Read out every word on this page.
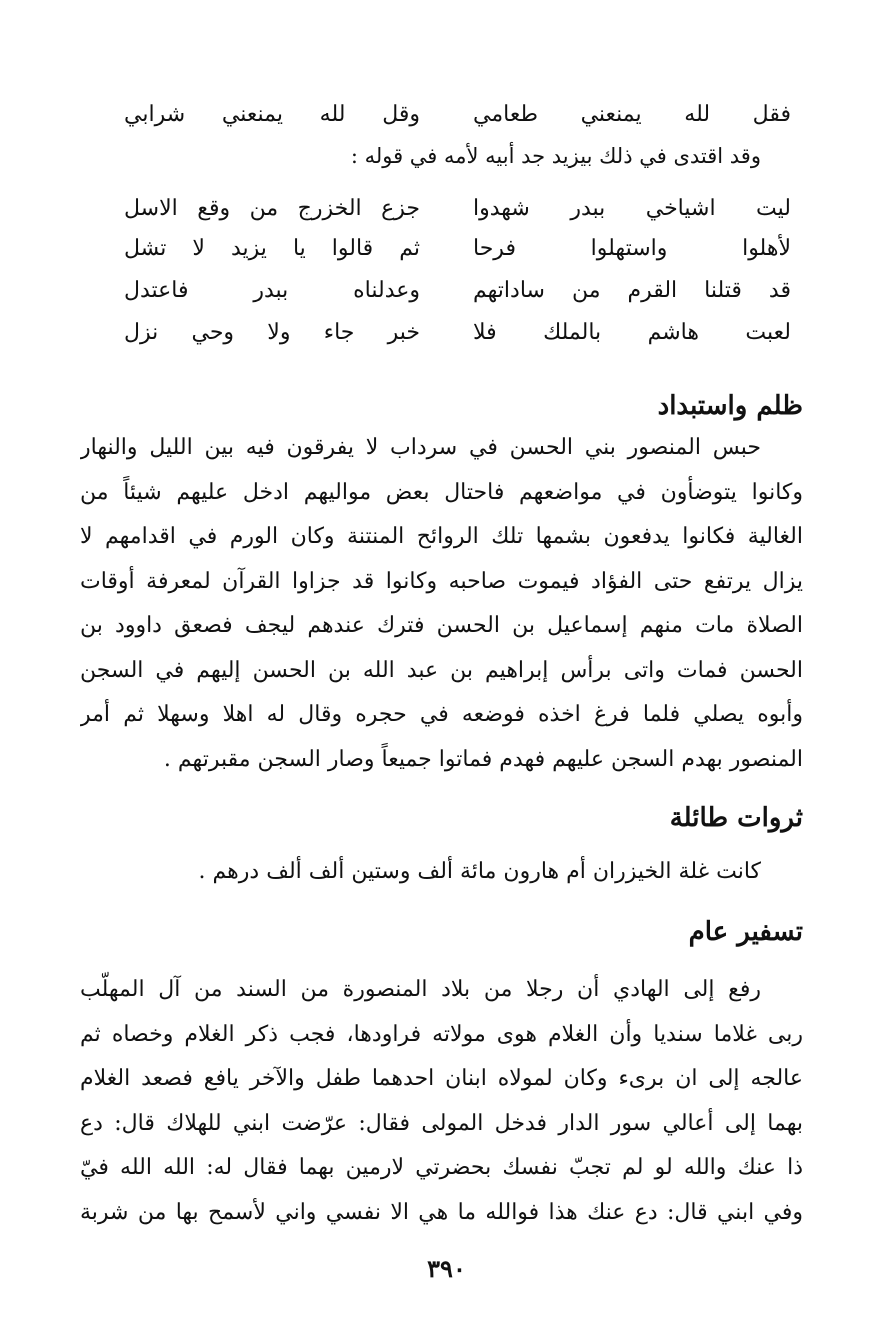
فقل لله يمنعني طعامي
وقل لله يمنعني شرابي
وقد اقتدى في ذلك بيزيد جد أبيه لأمه في قوله :
ليت اشياخي ببدر شهدوا
جزع الخزرج من وقع الاسل
لأهلوا واستهلوا فرحا
ثم قالوا يا يزيد لا تشل
قد قتلنا القرم من ساداتهم
وعدلناه ببدر فاعتدل
لعبت هاشم بالملك فلا
خبر جاء ولا وحي نزل
ظلم واستبداد
حبس المنصور بني الحسن في سرداب لا يفرقون فيه بين الليل والنهار
وكانوا يتوضأون في مواضعهم فاحتال بعض مواليهم ادخل عليهم شيئاً من
الغالية فكانوا يدفعون بشمها تلك الروائح المنتنة وكان الورم في اقدامهم لا
يزال يرتفع حتى الفؤاد فيموت صاحبه وكانوا قد جزاوا القرآن لمعرفة أوقات
الصلاة مات منهم إسماعيل بن الحسن فترك عندهم ليجف فصعق داوود بن
الحسن فمات واتى برأس إبراهيم بن عبد الله بن الحسن إليهم في السجن
وأبوه يصلي فلما فرغ اخذه فوضعه في حجره وقال له اهلا وسهلا ثم أمر
المنصور بهدم السجن عليهم فهدم فماتوا جميعاً وصار السجن مقبرتهم .
ثروات طائلة
كانت غلة الخيزران أم هارون مائة ألف وستين ألف ألف درهم .
تسفير عام
رفع إلى الهادي أن رجلا من بلاد المنصورة من السند من آل المهلّب
ربى غلاما سنديا وأن الغلام هوى مولاته فراودها، فجب ذكر الغلام وخصاه ثم
عالجه إلى ان برىء وكان لمولاه ابنان احدهما طفل والآخر يافع فصعد الغلام
بهما إلى أعالي سور الدار فدخل المولى فقال: عرّضت ابني للهلاك قال: دع
ذا عنك والله لو لم تجبّ نفسك بحضرتي لارمين بهما فقال له: الله الله فيّ
وفي ابني قال: دع عنك هذا فوالله ما هي الا نفسي واني لأسمح بها من شربة
٣٩٠
